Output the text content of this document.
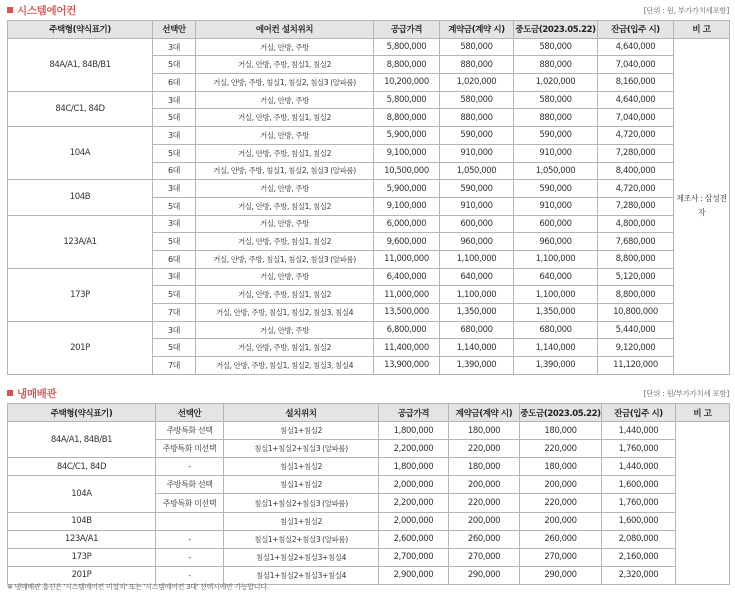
시스템에어컨	[단위 : 원, 부가가치세포함]
주택형(약식표기)	선택안	에어컨 설치위치	공급가격	계약금(계약 시)	중도금(2023.05.22)	잔금(입주 시)	비 고
84A/A1, 84B/B1	3대	거실, 안방, 주방	5,800,000	580,000	580,000	4,640,000	제조사 : 삼성전자
	5대	거실, 안방, 주방, 침실1, 침실2	8,800,000	880,000	880,000	7,040,000	
	6대	거실, 안방, 주방, 침실1, 침실2, 침실3 (알파룸)	10,200,000	1,020,000	1,020,000	8,160,000	
84C/C1, 84D	3대	거실, 안방, 주방	5,800,000	580,000	580,000	4,640,000	
	5대	거실, 안방, 주방, 침실1, 침실2	8,800,000	880,000	880,000	7,040,000	
104A	3대	거실, 안방, 주방	5,900,000	590,000	590,000	4,720,000	
	5대	거실, 안방, 주방, 침실1, 침실2	9,100,000	910,000	910,000	7,280,000	
	6대	거실, 안방, 주방, 침실1, 침실2, 침실3 (알파룸)	10,500,000	1,050,000	1,050,000	8,400,000	
104B	3대	거실, 안방, 주방	5,900,000	590,000	590,000	4,720,000	
	5대	거실, 안방, 주방, 침실1, 침실2	9,100,000	910,000	910,000	7,280,000	
123A/A1	3대	거실, 안방, 주방	6,000,000	600,000	600,000	4,800,000	
	5대	거실, 안방, 주방, 침실1, 침실2	9,600,000	960,000	960,000	7,680,000	
	6대	거실, 안방, 주방, 침실1, 침실2, 침실3 (알파룸)	11,000,000	1,100,000	1,100,000	8,800,000	
173P	3대	거실, 안방, 주방	6,400,000	640,000	640,000	5,120,000	
	5대	거실, 안방, 주방, 침실1, 침실2	11,000,000	1,100,000	1,100,000	8,800,000	
	7대	거실, 안방, 주방, 침실1, 침실2, 침실3, 침실4	13,500,000	1,350,000	1,350,000	10,800,000	
201P	3대	거실, 안방, 주방	6,800,000	680,000	680,000	5,440,000	
	5대	거실, 안방, 주방, 침실1, 침실2	11,400,000	1,140,000	1,140,000	9,120,000	
	7대	거실, 안방, 주방, 침실1, 침실2, 침실3, 침실4	13,900,000	1,390,000	1,390,000	11,120,000	
냉매배관	[단위 : 원/부가가치세 포함]
주택형(약식표기)	선택안	설치위치	공급가격	계약금(계약 시)	중도금(2023.05.22)	잔금(입주 시)	비 고
84A/A1, 84B/B1	주방특화 선택	침실1+침실2	1,800,000	180,000	180,000	1,440,000	
	주방특화 미선택	침실1+침실2+침실3 (알파룸)	2,200,000	220,000	220,000	1,760,000	
84C/C1, 84D	-	침실1+침실2	1,800,000	180,000	180,000	1,440,000	
104A	주방특화 선택	침실1+침실2	2,000,000	200,000	200,000	1,600,000	
	주방특화 미선택	침실1+침실2+침실3 (알파룸)	2,200,000	220,000	220,000	1,760,000	
104B		침실1+침실2	2,000,000	200,000	200,000	1,600,000	
123A/A1	-	침실1+침실2+침실3 (알파룸)	2,600,000	260,000	260,000	2,080,000	
173P	-	침실1+침실2+침실3+침실4	2,700,000	270,000	270,000	2,160,000	
201P	-	침실1+침실2+침실3+침실4	2,900,000	290,000	290,000	2,320,000	
※ 냉매배관 옵션은 '시스템에어컨 미설치' 또는 '시스템에어컨 3대' 선택시에만 가능합니다.
